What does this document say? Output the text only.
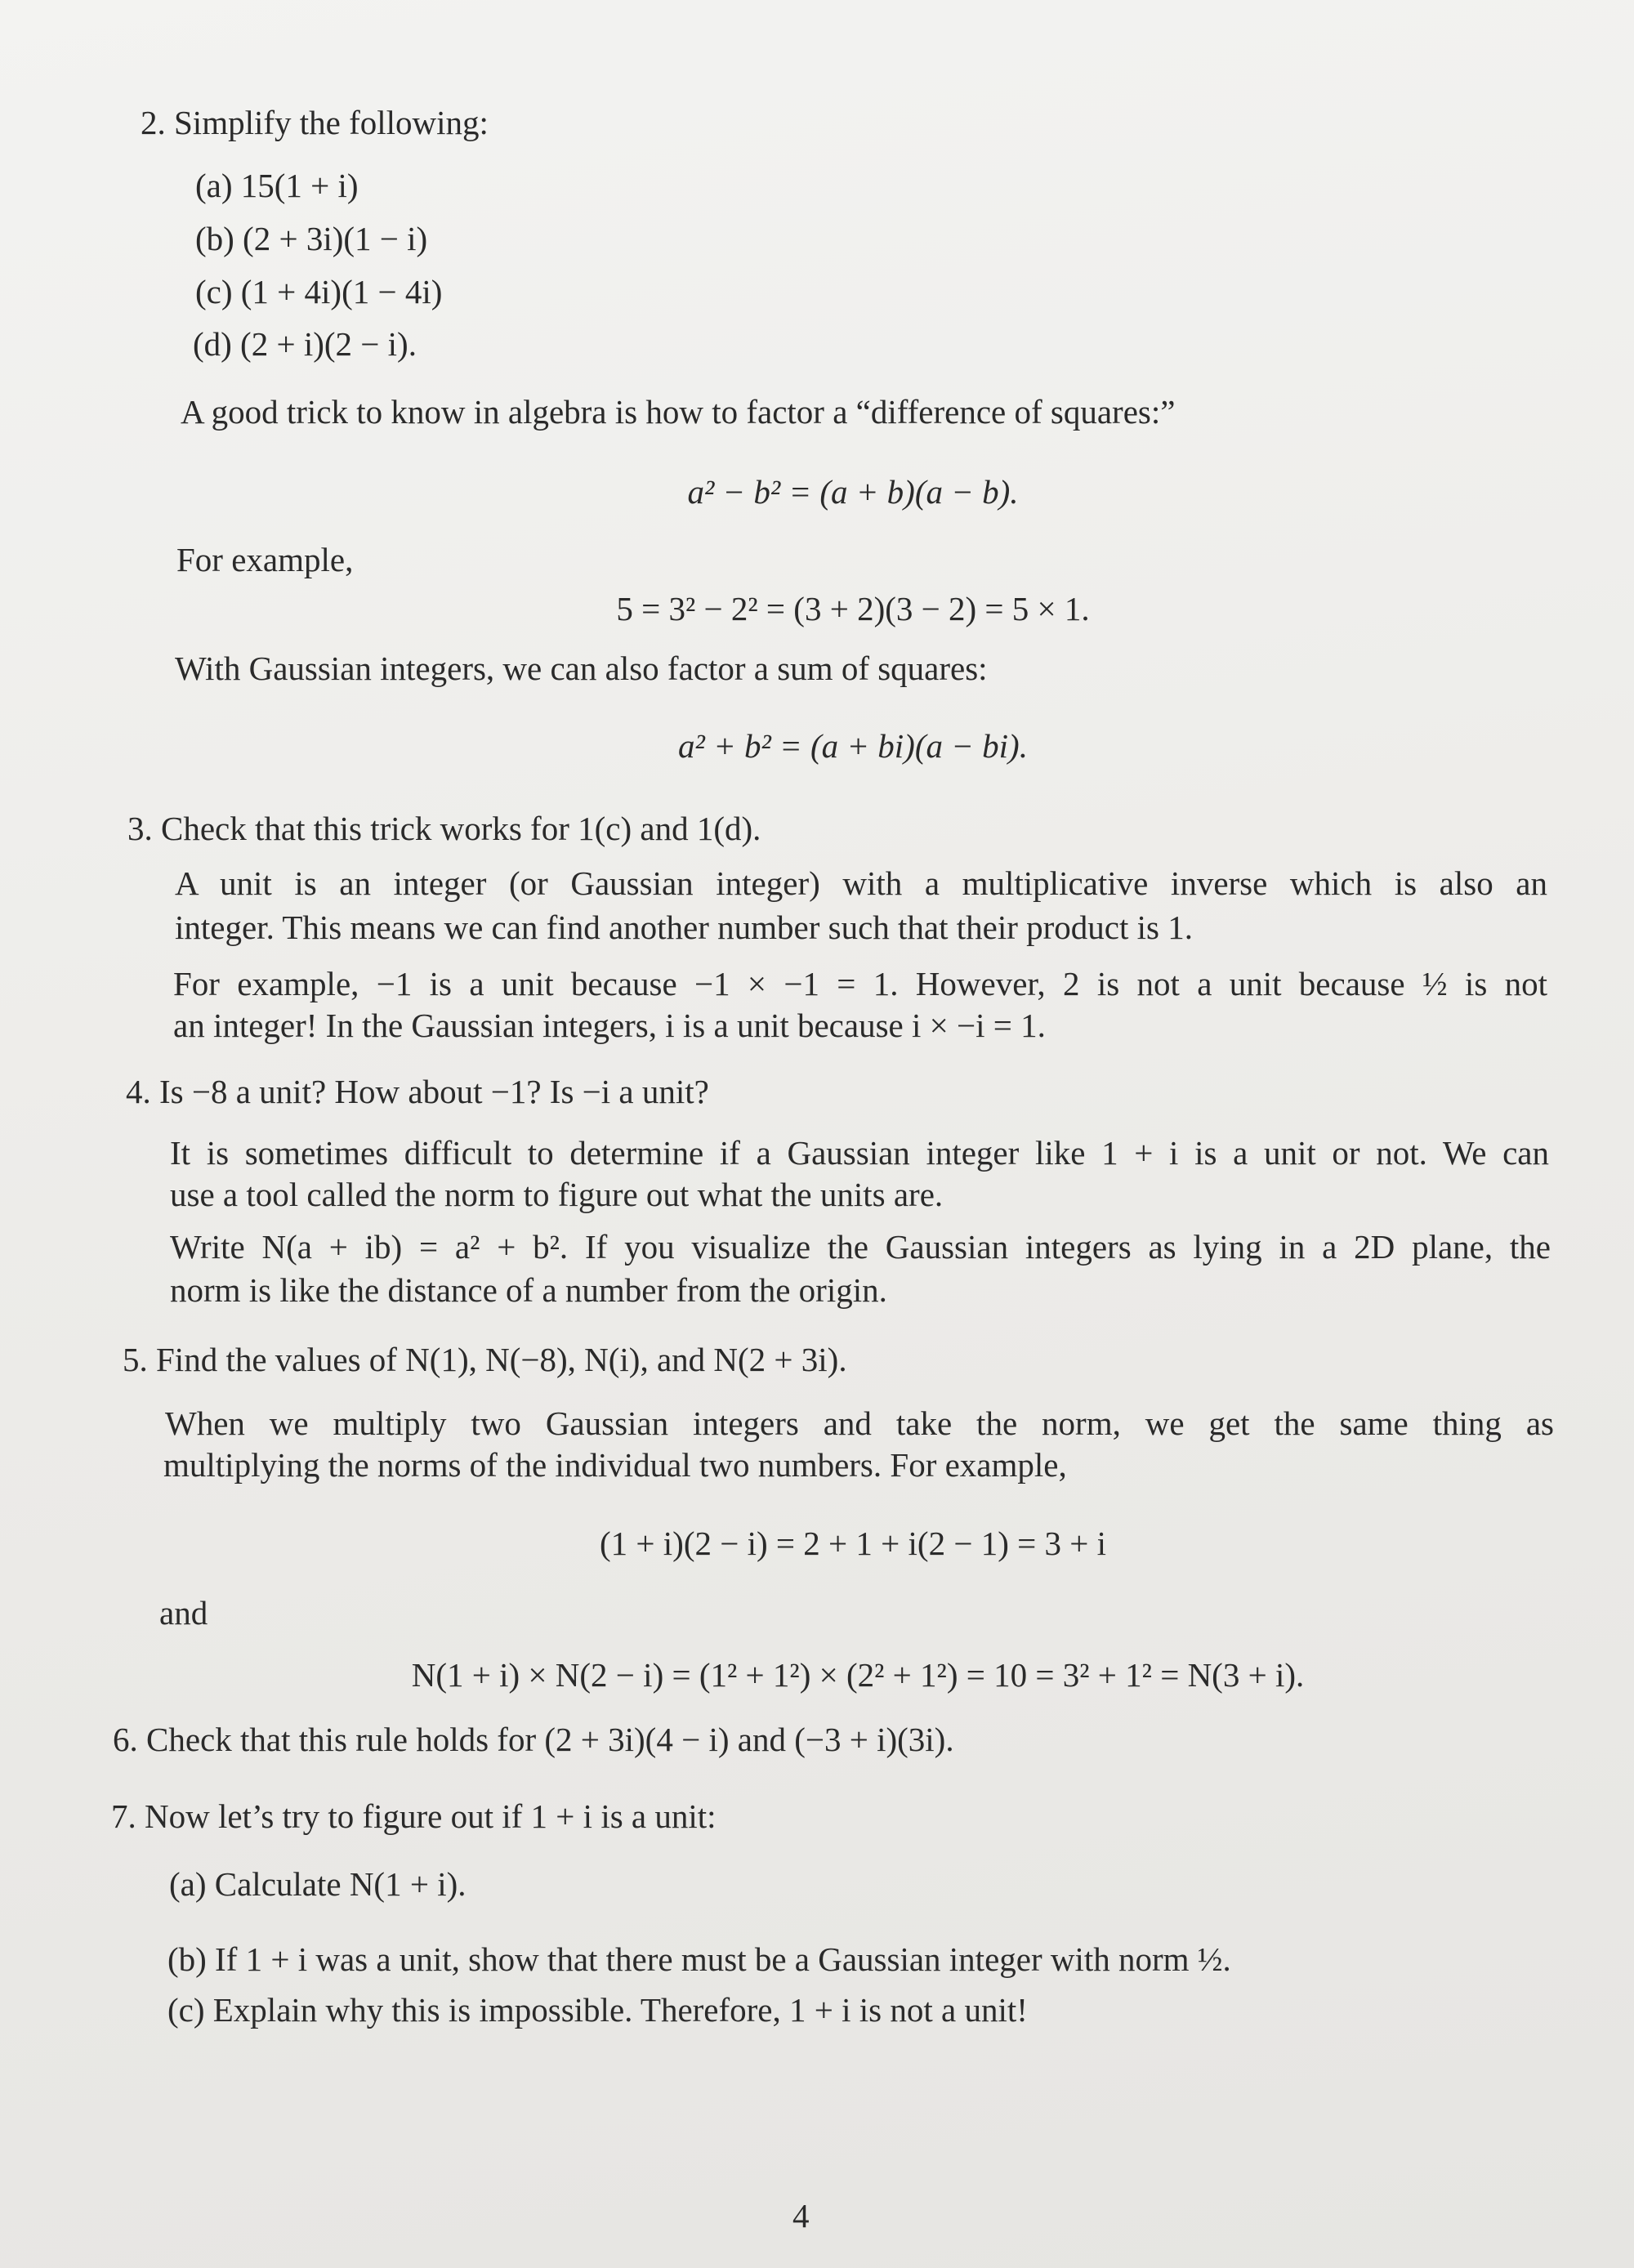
2. Simplify the following:
(a) 15(1 + i)
(b) (2 + 3i)(1 − i)
(c) (1 + 4i)(1 − 4i)
(d) (2 + i)(2 − i).
A good trick to know in algebra is how to factor a “difference of squares:”
a² − b² = (a + b)(a − b).
For example,
5 = 3² − 2² = (3 + 2)(3 − 2) = 5 × 1.
With Gaussian integers, we can also factor a sum of squares:
a² + b² = (a + bi)(a − bi).
3. Check that this trick works for 1(c) and 1(d).
A unit is an integer (or Gaussian integer) with a multiplicative inverse which is also an
integer. This means we can find another number such that their product is 1.
For example, −1 is a unit because −1 × −1 = 1. However, 2 is not a unit because ½ is not
an integer! In the Gaussian integers, i is a unit because i × −i = 1.
4. Is −8 a unit? How about −1? Is −i a unit?
It is sometimes difficult to determine if a Gaussian integer like 1 + i is a unit or not. We can
use a tool called the norm to figure out what the units are.
Write N(a + ib) = a² + b². If you visualize the Gaussian integers as lying in a 2D plane, the
norm is like the distance of a number from the origin.
5. Find the values of N(1), N(−8), N(i), and N(2 + 3i).
When we multiply two Gaussian integers and take the norm, we get the same thing as
multiplying the norms of the individual two numbers. For example,
(1 + i)(2 − i) = 2 + 1 + i(2 − 1) = 3 + i
and
N(1 + i) × N(2 − i) = (1² + 1²) × (2² + 1²) = 10 = 3² + 1² = N(3 + i).
6. Check that this rule holds for (2 + 3i)(4 − i) and (−3 + i)(3i).
7. Now let’s try to figure out if 1 + i is a unit:
(a) Calculate N(1 + i).
(b) If 1 + i was a unit, show that there must be a Gaussian integer with norm ½.
(c) Explain why this is impossible. Therefore, 1 + i is not a unit!
4
